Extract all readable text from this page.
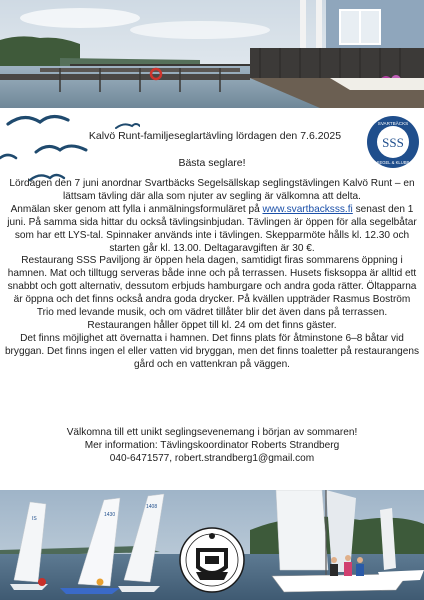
SSS
SVARTBÄCKS
SEGEL & KLUBB
Kalvö Runt-familjeseglartävling lördagen den 7.6.2025
Bästa seglare!

Lördagen den 7 juni anordnar Svartbäcks Segelsällskap seglingstävlingen Kalvö Runt – en lättsam tävling där alla som njuter av segling är välkomna att delta.

Anmälan sker genom att fylla i anmälningsformuläret på www.svartbacksss.fi senast den 1 juni. På samma sida hittar du också tävlingsinbjudan. Tävlingen är öppen för alla segelbåtar som har ett LYS-tal. Spinnaker används inte i tävlingen. Skepparmöte hålls kl. 12.30 och starten går kl. 13.00. Deltagaravgiften är 30 €.

Restaurang SSS Paviljong är öppen hela dagen, samtidigt firas sommarens öppning i hamnen. Mat och tilltugg serveras både inne och på terrassen. Husets fisksoppa är alltid ett snabbt och gott alternativ, dessutom erbjuds hamburgare och andra goda rätter. Öltapparna är öppna och det finns också andra goda drycker. På kvällen uppträder Rasmus Boström Trio med levande musik, och om vädret tillåter blir det även dans på terrassen. Restaurangen håller öppet till kl. 24 om det finns gäster.

Det finns möjlighet att övernatta i hamnen. Det finns plats för åtminstone 6–8 båtar vid bryggan. Det finns ingen el eller vatten vid bryggan, men det finns toaletter på restaurangens gård och en vattenkran på väggen.

Välkomna till ett unikt seglingsevenemang i början av sommaren!

Mer information: Tävlingskoordinator Roberts Strandberg

040-6471577, robert.strandberg1@gmail.com

IS
1430
1408
